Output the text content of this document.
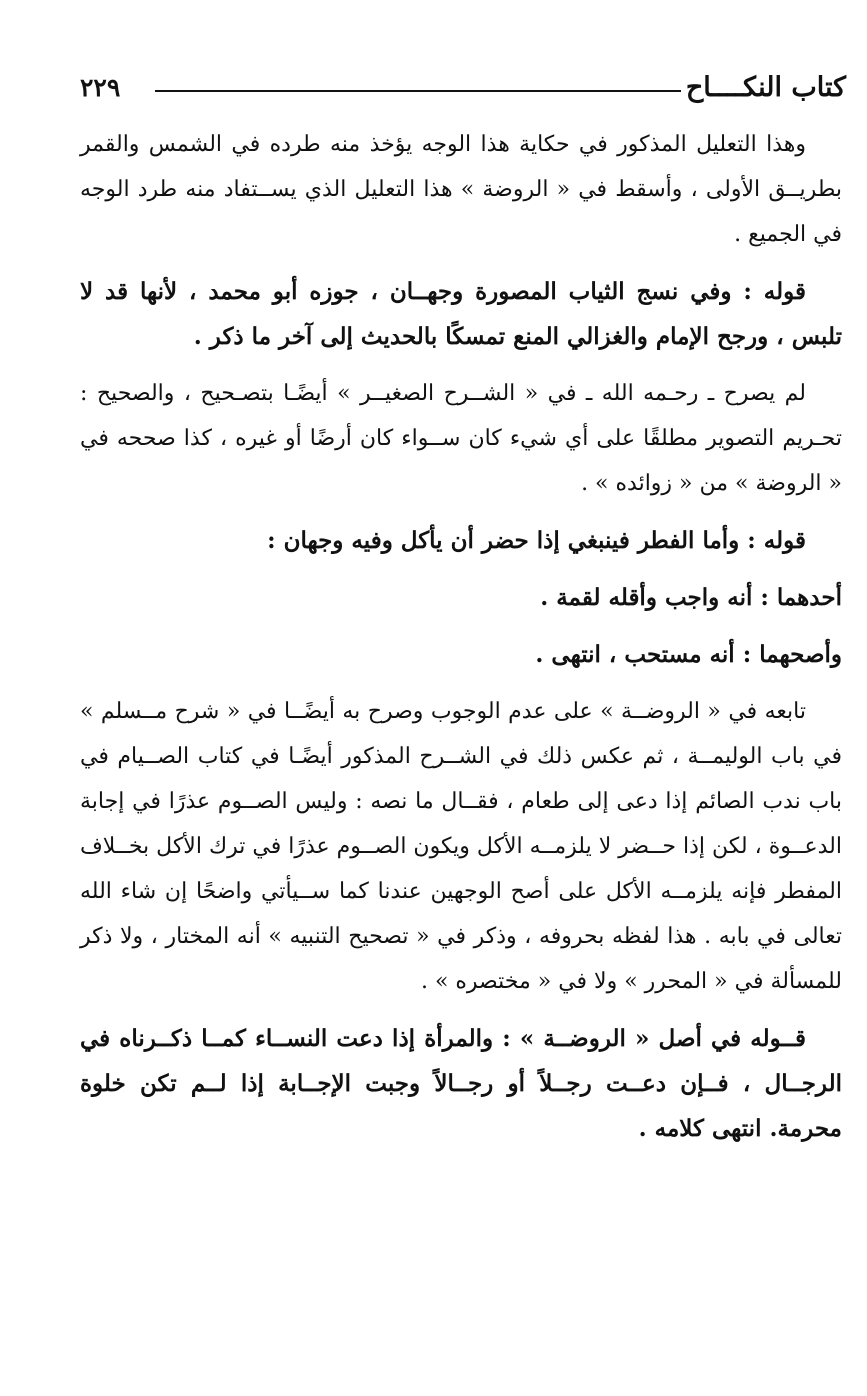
كتاب النكــــاح
٢٢٩

وهذا التعليل المذكور في حكاية هذا الوجه يؤخذ منه طرده في الشمس والقمر بطريــق الأولى ، وأسقط في « الروضة » هذا التعليل الذي يســتفاد منه طرد الوجه في الجميع .

قوله : وفي نسج الثياب المصورة وجهــان ، جوزه أبو محمد ، لأنها قد لا تلبس ، ورجح الإمام والغزالي المنع تمسكًا بالحديث إلى آخر ما ذكر .

لم يصرح ـ رحـمه الله ـ في « الشــرح الصغيــر » أيضًـا بتصـحيح ، والصحيح : تحـريم التصوير مطلقًا على أي شيء كان ســواء كان أرضًا أو غيره ، كذا صححه في « الروضة » من « زوائده » .

قوله : وأما الفطر فينبغي إذا حضر أن يأكل وفيه وجهان :

أحدهما : أنه واجب وأقله لقمة .

وأصحهما : أنه مستحب ، انتهى .

تابعه في « الروضــة » على عدم الوجوب وصرح به أيضًــا في « شرح مــسلم » في باب الوليمــة ، ثم عكس ذلك في الشــرح المذكور أيضًـا في كتاب الصــيام في باب ندب الصائم إذا دعى إلى طعام ، فقــال ما نصه : وليس الصــوم عذرًا في إجابة الدعــوة ، لكن إذا حــضر لا يلزمــه الأكل ويكون الصــوم عذرًا في ترك الأكل بخــلاف المفطر فإنه يلزمــه الأكل على أصح الوجهين عندنا كما ســيأتي واضحًا إن شاء الله تعالى في بابه . هذا لفظه بحروفه ، وذكر في « تصحيح التنبيه » أنه المختار ، ولا ذكر للمسألة في « المحرر » ولا في « مختصره » .

قــوله في أصل « الروضــة » : والمرأة إذا دعت النســاء كمــا ذكــرناه في الرجــال ، فــإن دعــت رجــلاً أو رجــالاً وجبت الإجــابة إذا لــم تكن خلوة محرمة. انتهى كلامه .
